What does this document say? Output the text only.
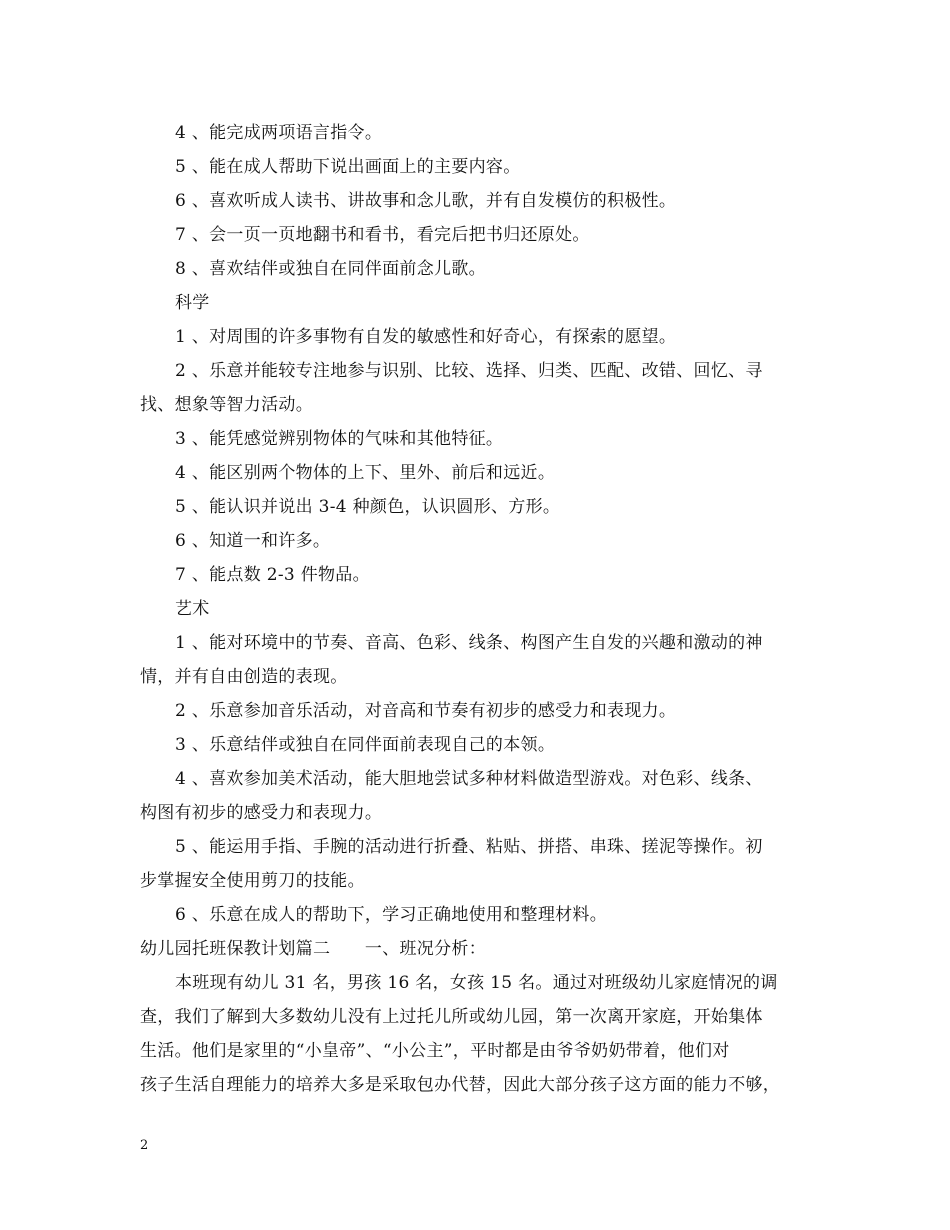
4 、能完成两项语言指令。
5 、能在成人帮助下说出画面上的主要内容。
6 、喜欢听成人读书、讲故事和念儿歌，并有自发模仿的积极性。
7 、会一页一页地翻书和看书，看完后把书归还原处。
8 、喜欢结伴或独自在同伴面前念儿歌。
科学
1 、对周围的许多事物有自发的敏感性和好奇心，有探索的愿望。
2 、乐意并能较专注地参与识别、比较、选择、归类、匹配、改错、回忆、寻
找、想象等智力活动。
3 、能凭感觉辨别物体的气味和其他特征。
4 、能区别两个物体的上下、里外、前后和远近。
5 、能认识并说出 3-4 种颜色，认识圆形、方形。
6 、知道一和许多。
7 、能点数 2-3 件物品。
艺术
1 、能对环境中的节奏、音高、色彩、线条、构图产生自发的兴趣和激动的神
情，并有自由创造的表现。
2 、乐意参加音乐活动，对音高和节奏有初步的感受力和表现力。
3 、乐意结伴或独自在同伴面前表现自己的本领。
4 、喜欢参加美术活动，能大胆地尝试多种材料做造型游戏。对色彩、线条、
构图有初步的感受力和表现力。
5 、能运用手指、手腕的活动进行折叠、粘贴、拼搭、串珠、搓泥等操作。初
步掌握安全使用剪刀的技能。
6 、乐意在成人的帮助下，学习正确地使用和整理材料。
幼儿园托班保教计划篇二　　一、班况分析：
本班现有幼儿 31 名，男孩 16 名，女孩 15 名。通过对班级幼儿家庭情况的调
查，我们了解到大多数幼儿没有上过托儿所或幼儿园，第一次离开家庭，开始集体
生活。他们是家里的“小皇帝”、“小公主”，平时都是由爷爷奶奶带着，他们对
孩子生活自理能力的培养大多是采取包办代替，因此大部分孩子这方面的能力不够，
2
